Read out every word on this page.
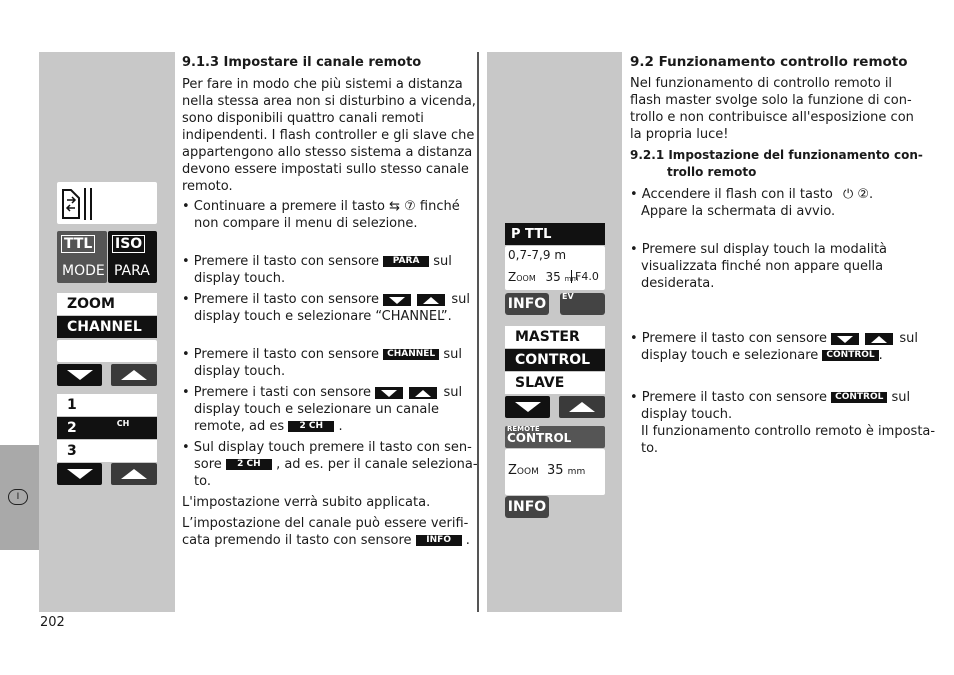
I
TTL
MODE
ISO
PARA
ZOOM
CHANNEL
1
2	CH
3
9.1.3 Impostare il canale remoto
Per fare in modo che più sistemi a distanza
nella stessa area non si disturbino a vicenda,
sono disponibili quattro canali remoti
indipendenti. I flash controller e gli slave che
appartengono allo stesso sistema a distanza
devono essere impostati sullo stesso canale
remoto.
• Continuare a premere il tasto ⇆ ⑦ finché
non compare il menu di selezione.
• Premere il tasto con sensore PARA sul
display touch.
• Premere il tasto con sensore	sul
display touch e selezionare “CHANNEL”.
• Premere il tasto con sensore CHANNEL sul
display touch.
• Premere i tasti con sensore	sul
display touch e selezionare un canale
remote, ad es 2 CH .
• Sul display touch premere il tasto con sen-
sore 2 CH , ad es. per il canale seleziona-
to.
L'impostazione verrà subito applicata.
L’impostazione del canale può essere verifi-
cata premendo il tasto con sensore INFO .
P TTL
0,7-7,9 m
Zoom 35 mm
F4.0
INFO	EV
MASTER
CONTROL
SLAVE
REMOTE
CONTROL
Zoom 35 mm
INFO
9.2 Funzionamento controllo remoto
Nel funzionamento di controllo remoto il
flash master svolge solo la funzione di con-
trollo e non contribuisce all'esposizione con
la propria luce!
9.2.1 Impostazione del funzionamento con-
trollo remoto
• Accendere il flash con il tasto ⏻ ②.
Appare la schermata di avvio.
• Premere sul display touch la modalità
visualizzata finché non appare quella
desiderata.
• Premere il tasto con sensore	sul
display touch e selezionare CONTROL .
• Premere il tasto con sensore CONTROL sul
display touch.
Il funzionamento controllo remoto è imposta-
to.
202
